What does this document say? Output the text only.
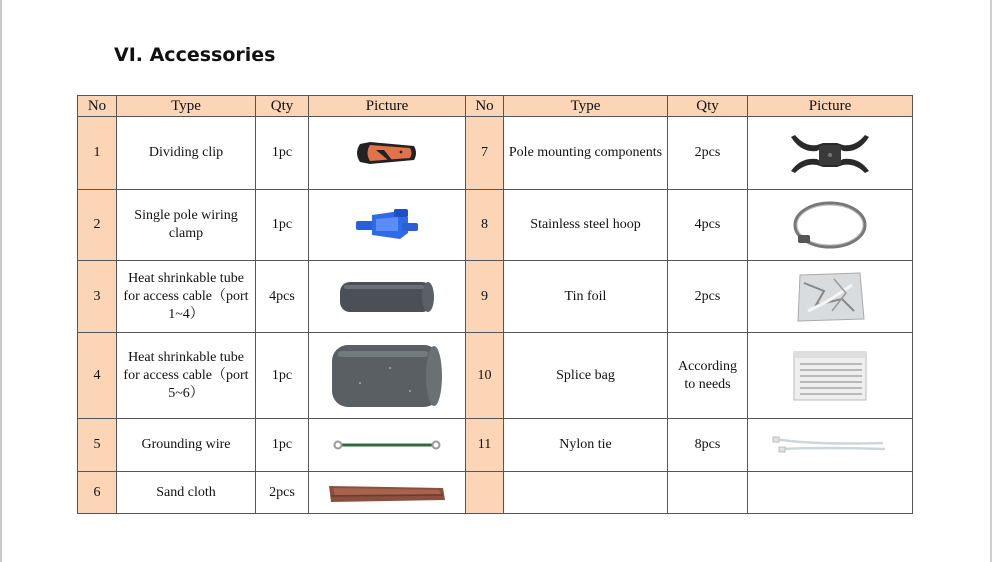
VI. Accessories
No	Type	Qty	Picture	No	Type	Qty	Picture
1	Dividing clip	1pc		7	Pole mounting components	2pcs	

2	Single pole wiring clamp	1pc		8	Stainless steel hoop	4pcs	

3	Heat shrinkable tube for access cable（port 1~4）	4pcs		9	Tin foil	2pcs	

4	Heat shrinkable tube for access cable（port 5~6）	1pc		10	Splice bag	According to needs	

5	Grounding wire	1pc		11	Nylon tie	8pcs	

6	Sand cloth	2pcs	
